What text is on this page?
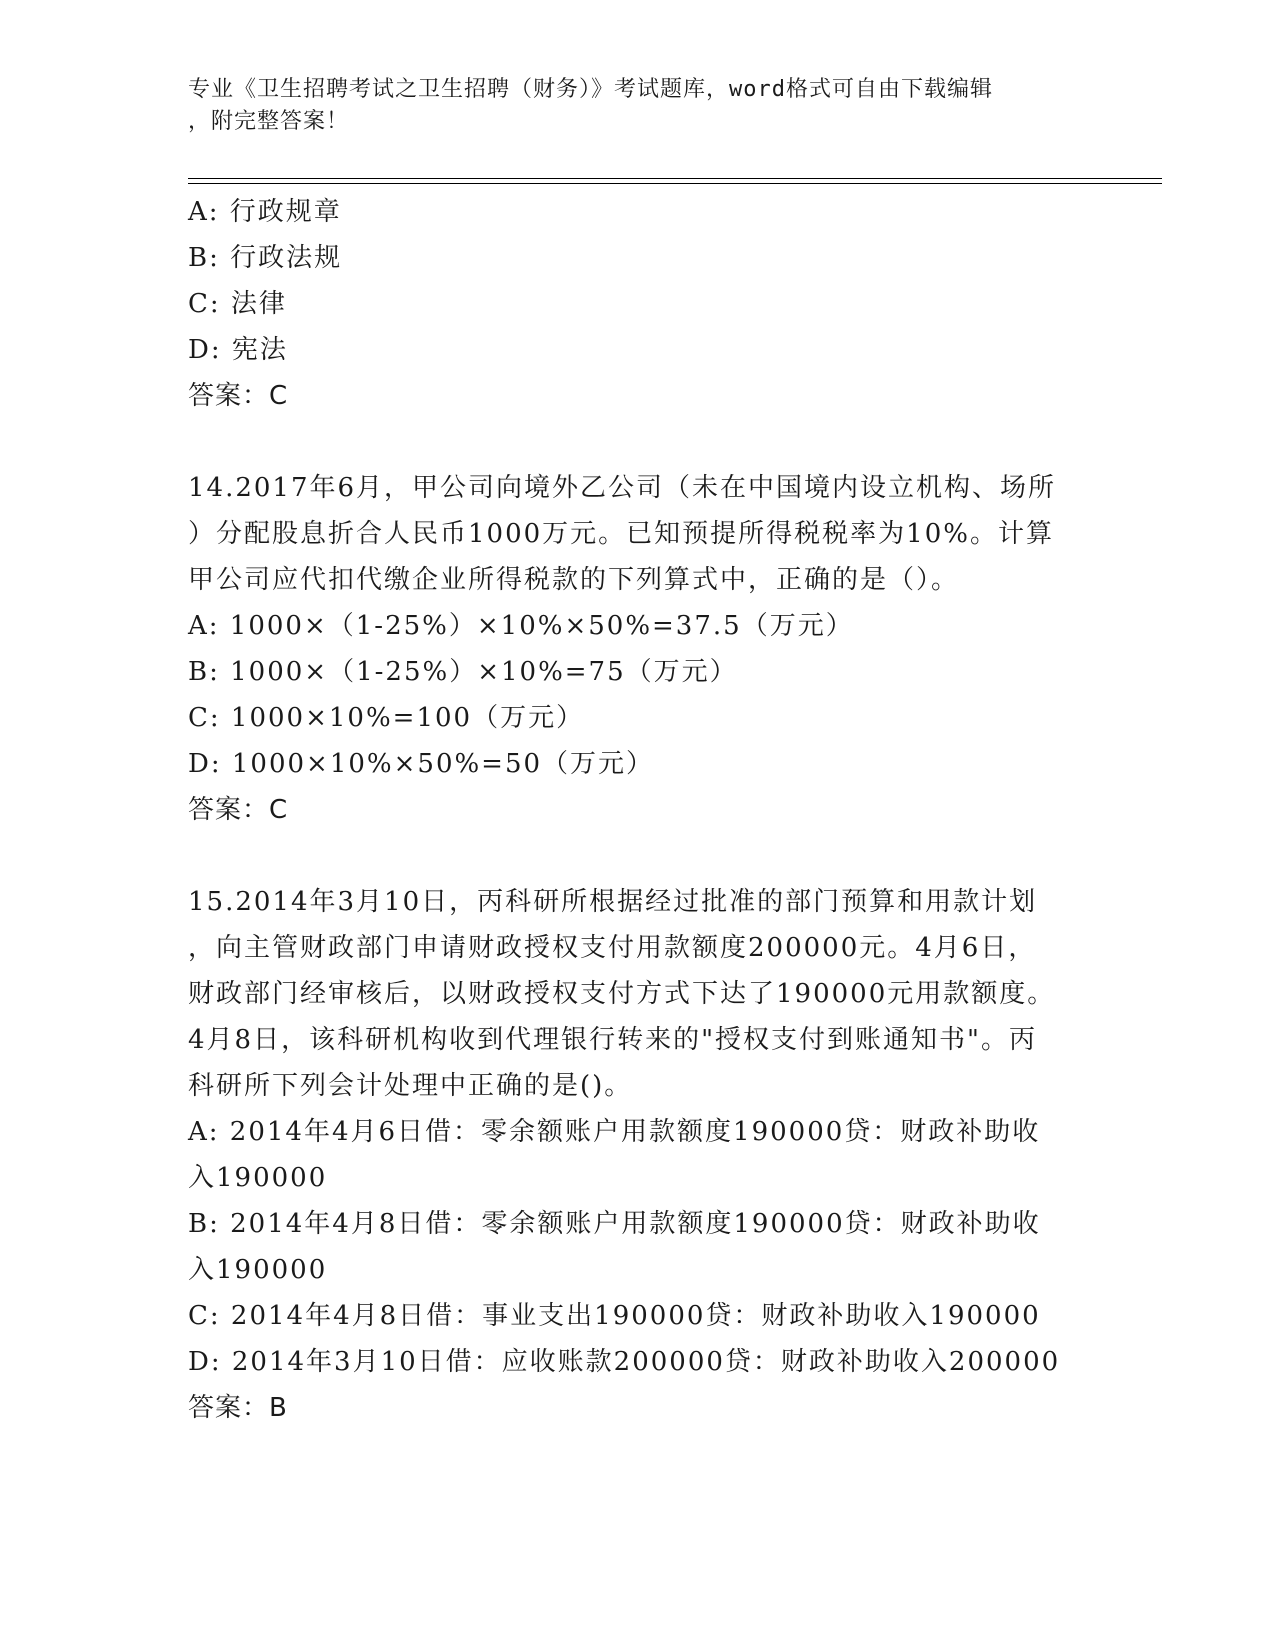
专业《卫生招聘考试之卫生招聘（财务）》考试题库，word格式可自由下载编辑
，附完整答案！
A: 行政规章
B: 行政法规
C: 法律
D: 宪法
答案：C
14.2017年6月，甲公司向境外乙公司（未在中国境内设立机构、场所
）分配股息折合人民币1000万元。已知预提所得税税率为10%。计算
甲公司应代扣代缴企业所得税款的下列算式中，正确的是（）。
A: 1000×（1-25%）×10%×50%=37.5（万元）
B: 1000×（1-25%）×10%=75（万元）
C: 1000×10%=100（万元）
D: 1000×10%×50%=50（万元）
答案：C
15.2014年3月10日，丙科研所根据经过批准的部门预算和用款计划
，向主管财政部门申请财政授权支付用款额度200000元。4月6日，
财政部门经审核后，以财政授权支付方式下达了190000元用款额度。
4月8日，该科研机构收到代理银行转来的"授权支付到账通知书"。丙
科研所下列会计处理中正确的是()。
A: 2014年4月6日借：零余额账户用款额度190000贷：财政补助收
入190000
B: 2014年4月8日借：零余额账户用款额度190000贷：财政补助收
入190000
C: 2014年4月8日借：事业支出190000贷：财政补助收入190000
D: 2014年3月10日借：应收账款200000贷：财政补助收入200000
答案：B
